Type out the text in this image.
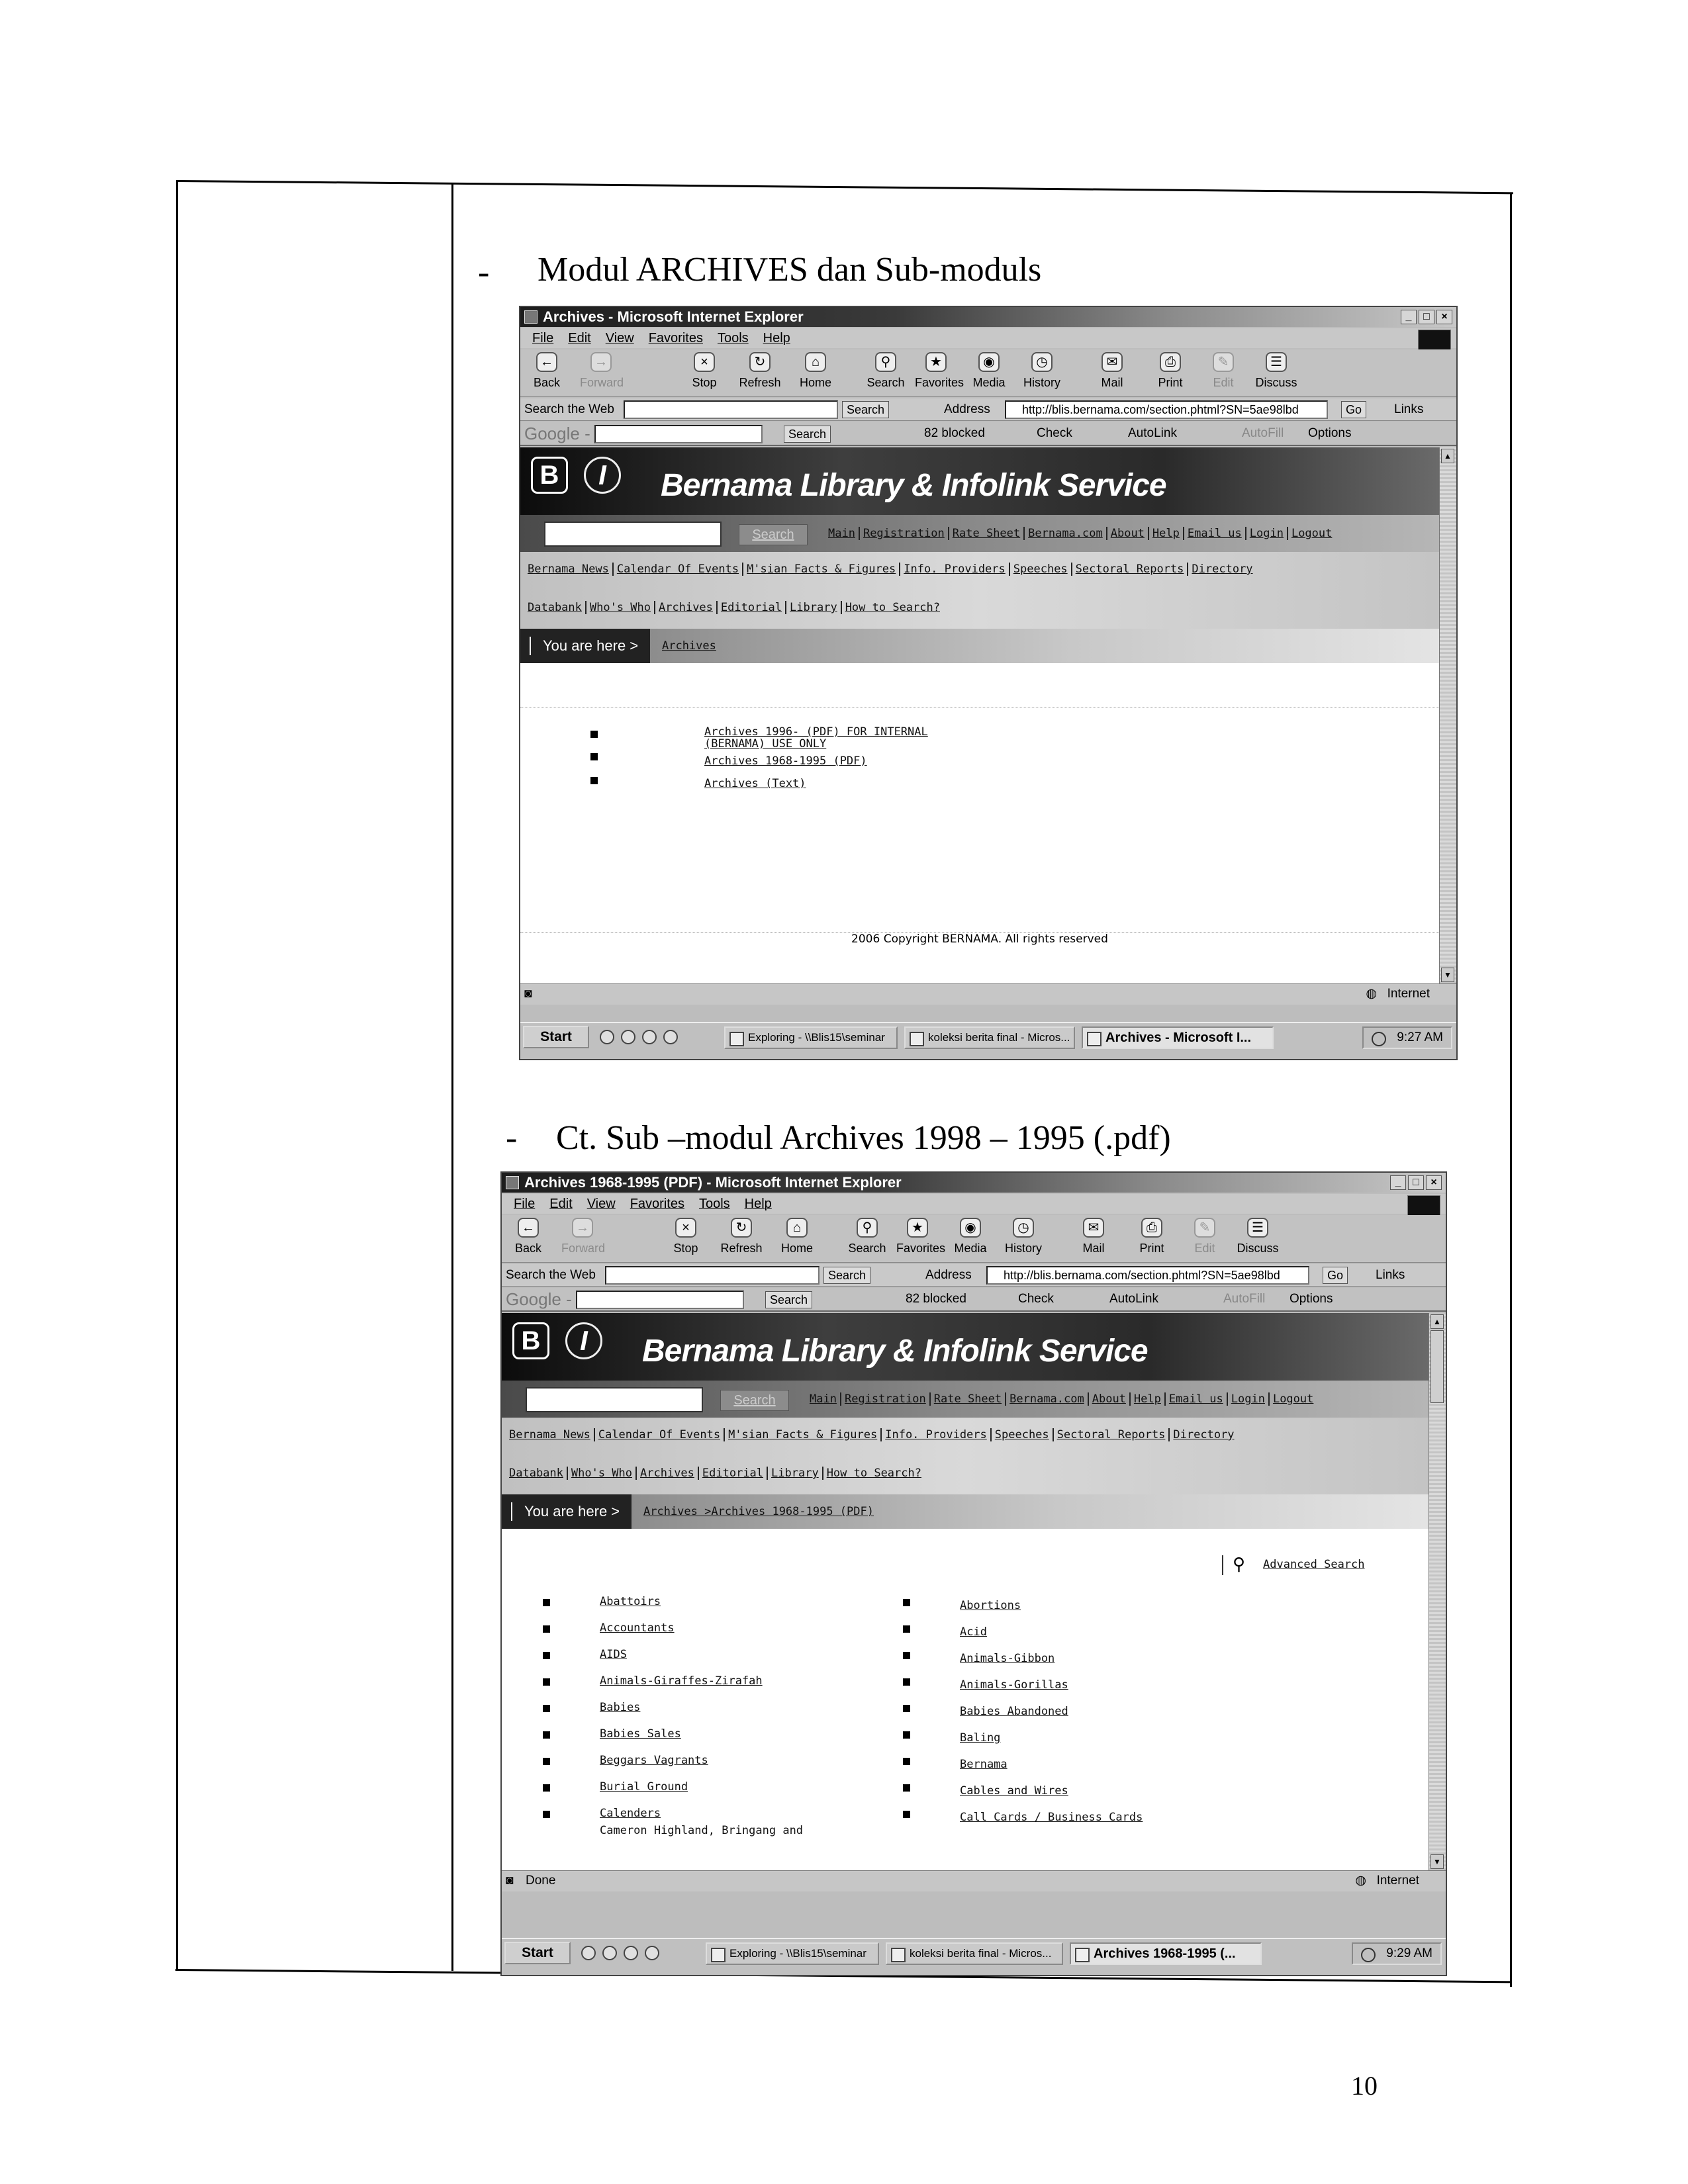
- Modul ARCHIVES dan Sub-moduls
- Ct. Sub –modul Archives 1998 – 1995 (.pdf)
10
Archives - Microsoft Internet Explorer	_	□	×
File Edit View Favorites Tools Help
←
Back
→
Forward
×
Stop
↻
Refresh
⌂
Home
⚲
Search
★
Favorites
◉
Media
◷
History
✉
Mail
⎙
Print
✎
Edit
☰
Discuss
Search the Web	Search	Address	http://blis.bernama.com/section.phtml?SN=5ae98lbd	Go	Links
Google -	Search	82 blocked	Check	AutoLink	AutoFill Options
B	I	Bernama Library & Infolink Service
Search	Main Registration Rate Sheet Bernama.com About Help Email us Login Logout
Bernama News Calendar Of Events M'sian Facts & Figures Info. Providers Speeches Sectoral Reports Directory
Databank Who's Who Archives Editorial Library How to Search?
You are here >	Archives
Archives 1996- (PDF) FOR INTERNAL
(BERNAMA) USE ONLY
Archives 1968-1995 (PDF)
Archives (Text)
2006 Copyright BERNAMA. All rights reserved
▲
▼
◙	◍ Internet
Start	Exploring - \\Blis15\seminar	koleksi berita final - Micros...	Archives - Microsoft I...	9:27 AM
Archives 1968-1995 (PDF) - Microsoft Internet Explorer	_	□	×
File Edit View Favorites Tools Help
←
Back
→
Forward
×
Stop
↻
Refresh
⌂
Home
⚲
Search
★
Favorites
◉
Media
◷
History
✉
Mail
⎙
Print
✎
Edit
☰
Discuss
Search the Web	Search	Address	http://blis.bernama.com/section.phtml?SN=5ae98lbd	Go	Links
Google -	Search	82 blocked	Check	AutoLink	AutoFill Options
B	I	Bernama Library & Infolink Service
Search	Main Registration Rate Sheet Bernama.com About Help Email us Login Logout
Bernama News Calendar Of Events M'sian Facts & Figures Info. Providers Speeches Sectoral Reports Directory
Databank Who's Who Archives Editorial Library How to Search?
You are here >	Archives >Archives 1968-1995 (PDF)
⚲ Advanced Search
Abattoirs
Accountants
AIDS
Animals-Giraffes-Zirafah
Babies
Babies Sales
Beggars Vagrants
Burial Ground
Calenders
Cameron Highland, Bringang and
Abortions
Acid
Animals-Gibbon
Animals-Gorillas
Babies Abandoned
Baling
Bernama
Cables and Wires
Call Cards / Business Cards
▲
▼
◙ Done	◍ Internet
Start	Exploring - \\Blis15\seminar	koleksi berita final - Micros...	Archives 1968-1995 (...	9:29 AM
